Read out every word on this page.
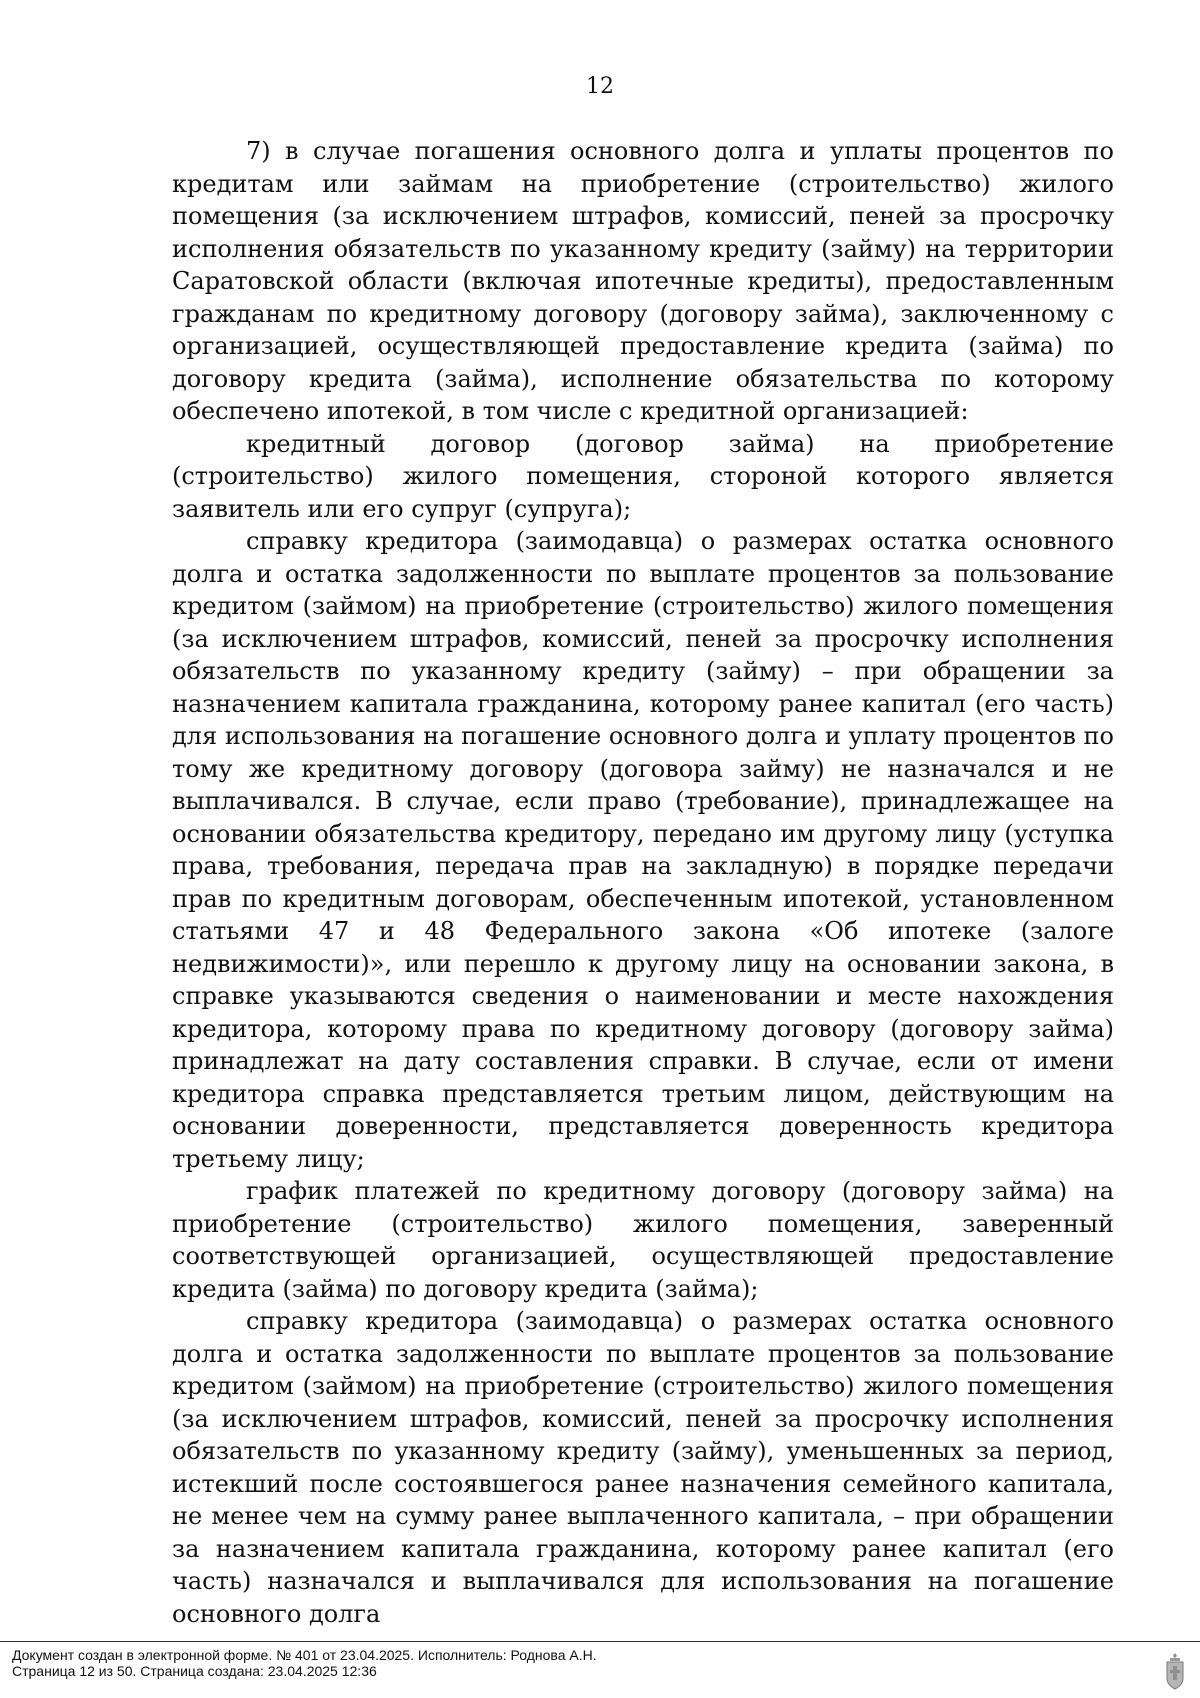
12

7) в случае погашения основного долга и уплаты процентов по кредитам или займам на приобретение (строительство) жилого помещения (за исключением штрафов, комиссий, пеней за просрочку исполнения обязательств по указанному кредиту (займу) на территории Саратовской области (включая ипотечные кредиты), предоставленным гражданам по кредитному договору (договору займа), заключенному с организацией, осуществляющей предоставление кредита (займа) по договору кредита (займа), исполнение обязательства по которому обеспечено ипотекой, в том числе с кредитной организацией:

кредитный договор (договор займа) на приобретение (строительство) жилого помещения, стороной которого является заявитель или его супруг (супруга);

справку кредитора (заимодавца) о размерах остатка основного долга и остатка задолженности по выплате процентов за пользование кредитом (займом) на приобретение (строительство) жилого помещения (за исключением штрафов, комиссий, пеней за просрочку исполнения обязательств по указанному кредиту (займу) – при обращении за назначением капитала гражданина, которому ранее капитал (его часть) для использования на погашение основного долга и уплату процентов по тому же кредитному договору (договора займу) не назначался и не выплачивался. В случае, если право (требование), принадлежащее на основании обязательства кредитору, передано им другому лицу (уступка права, требования, передача прав на закладную) в порядке передачи прав по кредитным договорам, обеспеченным ипотекой, установленном статьями 47 и 48 Федерального закона «Об ипотеке (залоге недвижимости)», или перешло к другому лицу на основании закона, в справке указываются сведения о наименовании и месте нахождения кредитора, которому права по кредитному договору (договору займа) принадлежат на дату составления справки. В случае, если от имени кредитора справка представляется третьим лицом, действующим на основании доверенности, представляется доверенность кредитора третьему лицу;

график платежей по кредитному договору (договору займа) на приобретение (строительство) жилого помещения, заверенный соответствующей организацией, осуществляющей предоставление кредита (займа) по договору кредита (займа);

справку кредитора (заимодавца) о размерах остатка основного долга и остатка задолженности по выплате процентов за пользование кредитом (займом) на приобретение (строительство) жилого помещения (за исключением штрафов, комиссий, пеней за просрочку исполнения обязательств по указанному кредиту (займу), уменьшенных за период, истекший после состоявшегося ранее назначения семейного капитала, не менее чем на сумму ранее выплаченного капитала, – при обращении за назначением капитала гражданина, которому ранее капитал (его часть) назначался и выплачивался для использования на погашение основного долга

Документ создан в электронной форме. № 401 от 23.04.2025. Исполнитель: Роднова А.Н.
Страница 12 из 50. Страница создана: 23.04.2025 12:36
